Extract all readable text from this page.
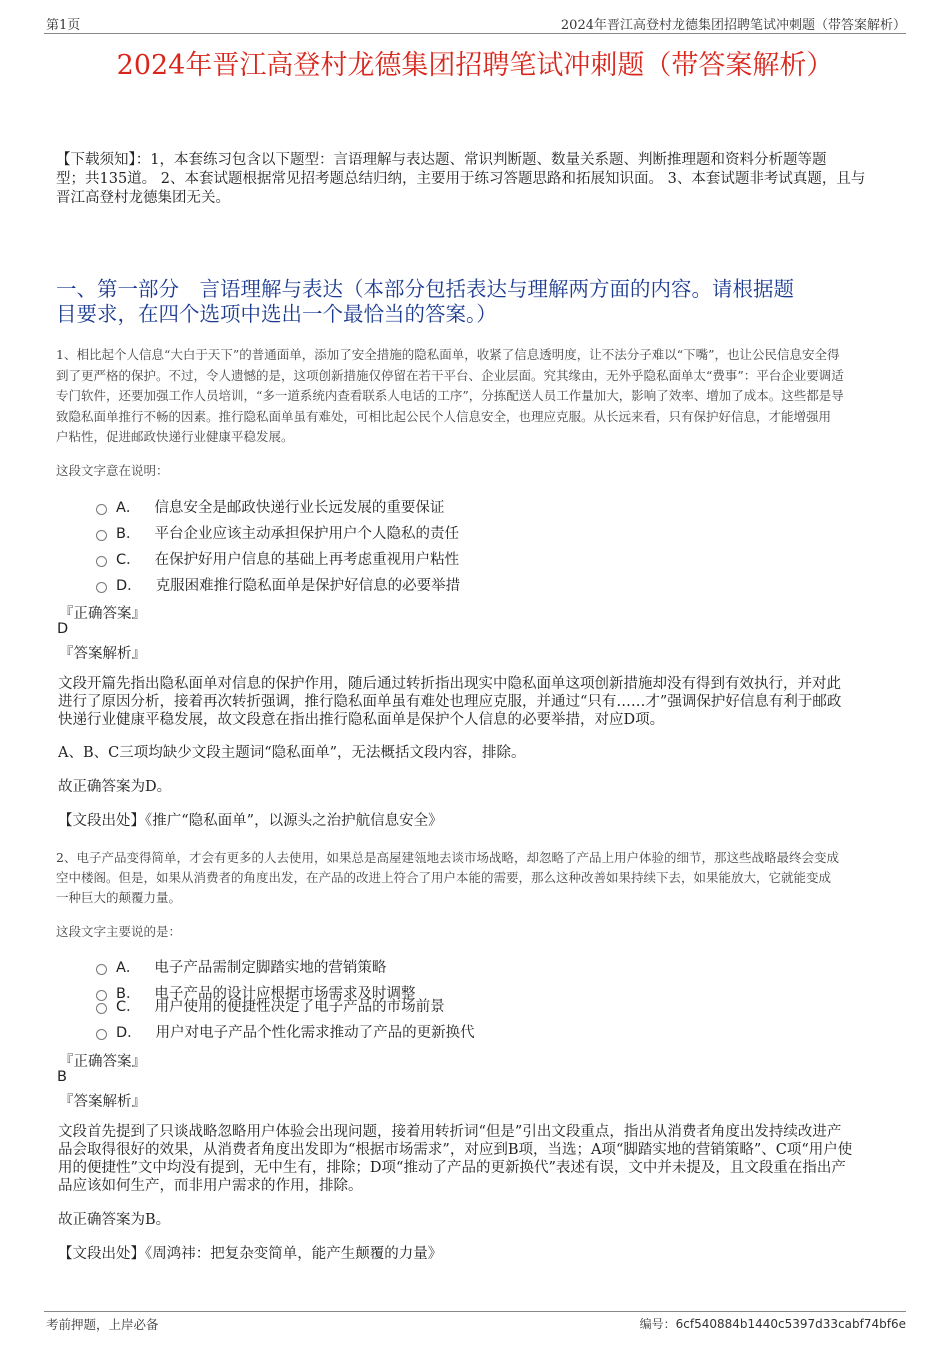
第1页	2024年晋江高登村龙德集团招聘笔试冲刺题（带答案解析）
2024年晋江高登村龙德集团招聘笔试冲刺题（带答案解析）
【下载须知】：1，本套练习包含以下题型：言语理解与表达题、常识判断题、数量关系题、判断推理题和资料分析题等题
型；共135道。 2、本套试题根据常见招考题总结归纳，主要用于练习答题思路和拓展知识面。 3、本套试题非考试真题，且与
晋江高登村龙德集团无关。
一、第一部分　言语理解与表达（本部分包括表达与理解两方面的内容。请根据题
目要求，在四个选项中选出一个最恰当的答案。）
1、相比起个人信息“大白于天下”的普通面单，添加了安全措施的隐私面单，收紧了信息透明度，让不法分子难以“下嘴”，也让公民信息安全得
到了更严格的保护。不过，令人遗憾的是，这项创新措施仅停留在若干平台、企业层面。究其缘由，无外乎隐私面单太“费事”：平台企业要调适
专门软件，还要加强工作人员培训，“多一道系统内查看联系人电话的工序”，分拣配送人员工作量加大，影响了效率、增加了成本。这些都是导
致隐私面单推行不畅的因素。推行隐私面单虽有难处，可相比起公民个人信息安全，也理应克服。从长远来看，只有保护好信息，才能增强用
户粘性，促进邮政快递行业健康平稳发展。
这段文字意在说明：
A． 信息安全是邮政快递行业长远发展的重要保证
B． 平台企业应该主动承担保护用户个人隐私的责任
C． 在保护好用户信息的基础上再考虑重视用户粘性
D． 克服困难推行隐私面单是保护好信息的必要举措
『正确答案』
D
『答案解析』
文段开篇先指出隐私面单对信息的保护作用，随后通过转折指出现实中隐私面单这项创新措施却没有得到有效执行，并对此
进行了原因分析，接着再次转折强调，推行隐私面单虽有难处也理应克服，并通过“只有……才”强调保护好信息有利于邮政
快递行业健康平稳发展，故文段意在指出推行隐私面单是保护个人信息的必要举措，对应D项。
A、B、C三项均缺少文段主题词“隐私面单”，无法概括文段内容，排除。
故正确答案为D。
【文段出处】《推广“隐私面单”，以源头之治护航信息安全》
2、电子产品变得简单，才会有更多的人去使用，如果总是高屋建瓴地去谈市场战略，却忽略了产品上用户体验的细节，那这些战略最终会变成
空中楼阁。但是，如果从消费者的角度出发，在产品的改进上符合了用户本能的需要，那么这种改善如果持续下去，如果能放大，它就能变成
一种巨大的颠覆力量。
这段文字主要说的是：
A． 电子产品需制定脚踏实地的营销策略
B． 电子产品的设计应根据市场需求及时调整
C． 用户使用的便捷性决定了电子产品的市场前景
D． 用户对电子产品个性化需求推动了产品的更新换代
『正确答案』
B
『答案解析』
文段首先提到了只谈战略忽略用户体验会出现问题，接着用转折词“但是”引出文段重点，指出从消费者角度出发持续改进产
品会取得很好的效果，从消费者角度出发即为“根据市场需求”，对应到B项，当选；A项“脚踏实地的营销策略”、C项“用户使
用的便捷性”文中均没有提到，无中生有，排除；D项“推动了产品的更新换代”表述有误，文中并未提及，且文段重在指出产
品应该如何生产，而非用户需求的作用，排除。
故正确答案为B。
【文段出处】《周鸿祎：把复杂变简单，能产生颠覆的力量》
考前押题，上岸必备	编号：6cf540884b1440c5397d33cabf74bf6e
